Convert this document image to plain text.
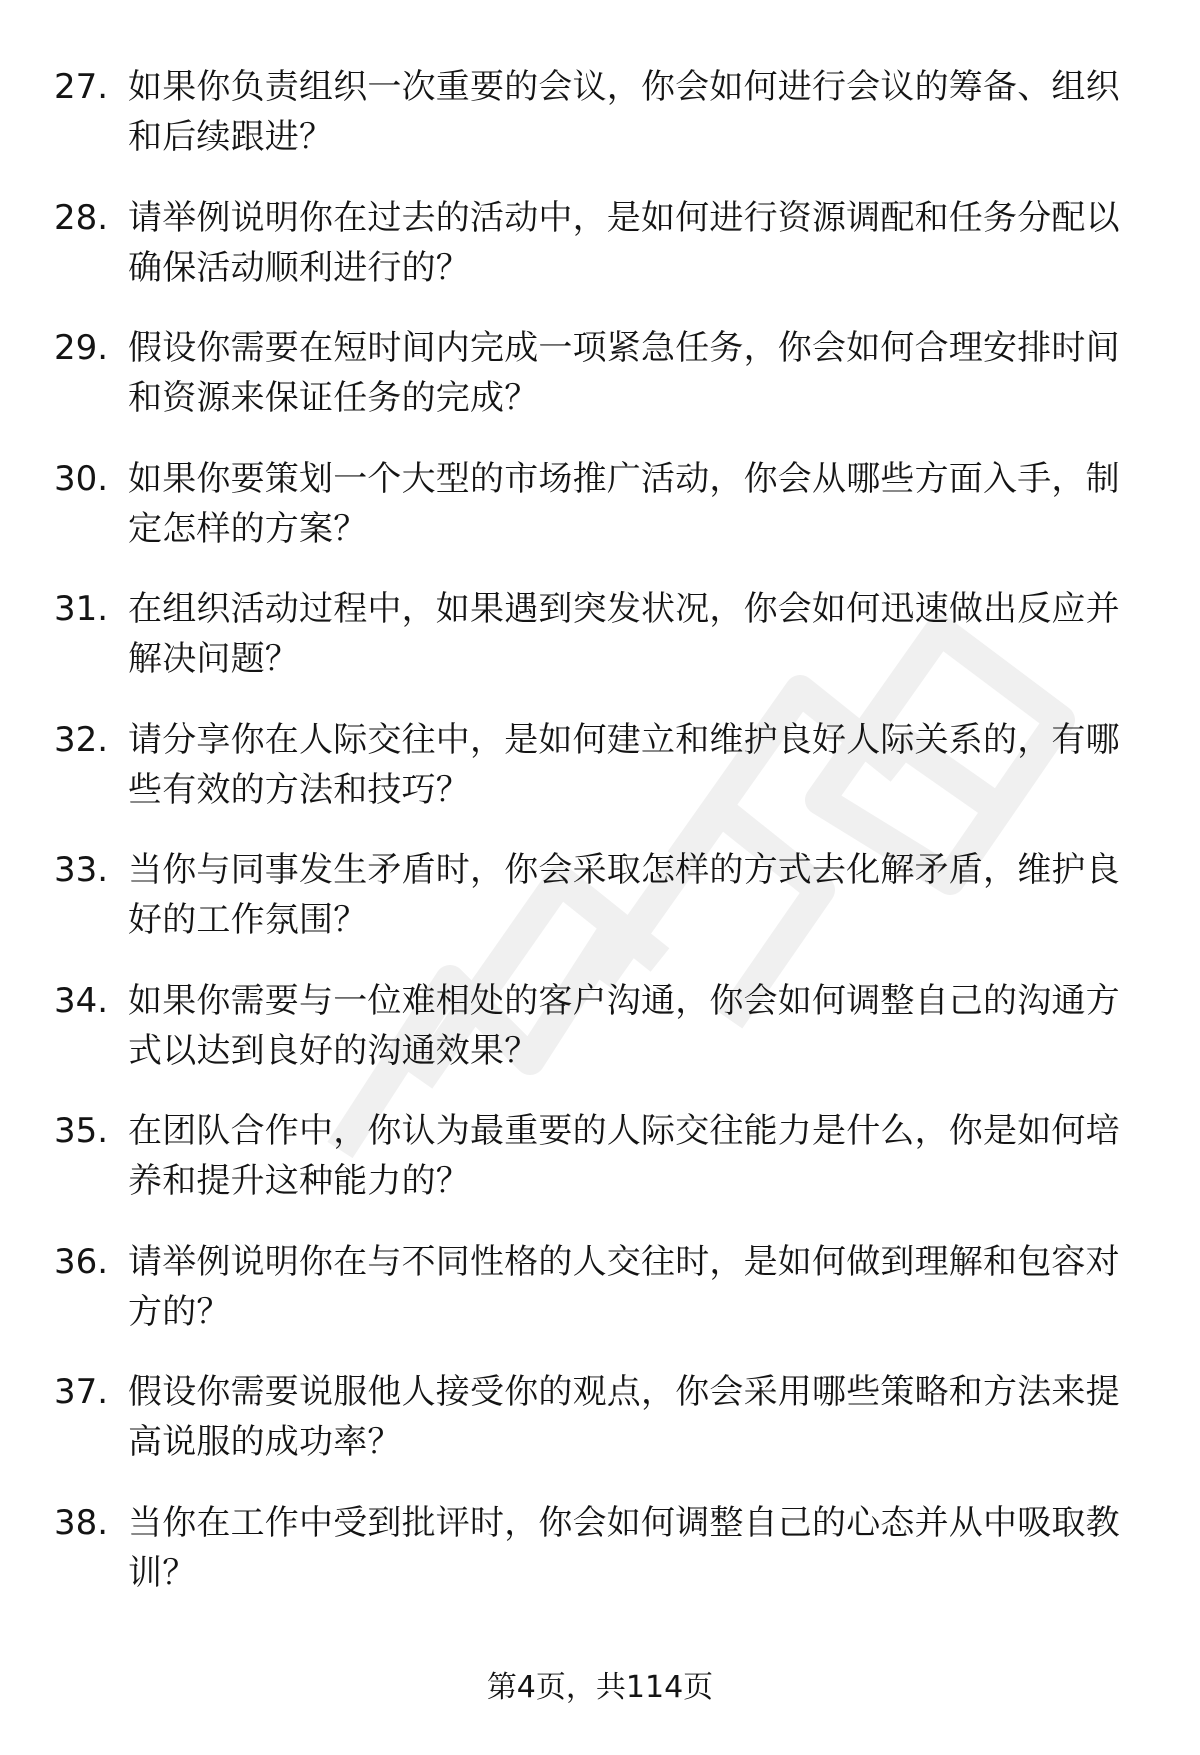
27. 如果你负责组织一次重要的会议，你会如何进行会议的筹备、组织和后续跟进？
28. 请举例说明你在过去的活动中，是如何进行资源调配和任务分配以确保活动顺利进行的？
29. 假设你需要在短时间内完成一项紧急任务，你会如何合理安排时间和资源来保证任务的完成？
30. 如果你要策划一个大型的市场推广活动，你会从哪些方面入手，制定怎样的方案？
31. 在组织活动过程中，如果遇到突发状况，你会如何迅速做出反应并解决问题？
32. 请分享你在人际交往中，是如何建立和维护良好人际关系的，有哪些有效的方法和技巧？
33. 当你与同事发生矛盾时，你会采取怎样的方式去化解矛盾，维护良好的工作氛围？
34. 如果你需要与一位难相处的客户沟通，你会如何调整自己的沟通方式以达到良好的沟通效果？
35. 在团队合作中，你认为最重要的人际交往能力是什么，你是如何培养和提升这种能力的？
36. 请举例说明你在与不同性格的人交往时，是如何做到理解和包容对方的？
37. 假设你需要说服他人接受你的观点，你会采用哪些策略和方法来提高说服的成功率？
38. 当你在工作中受到批评时，你会如何调整自己的心态并从中吸取教训？
第4页，共114页
